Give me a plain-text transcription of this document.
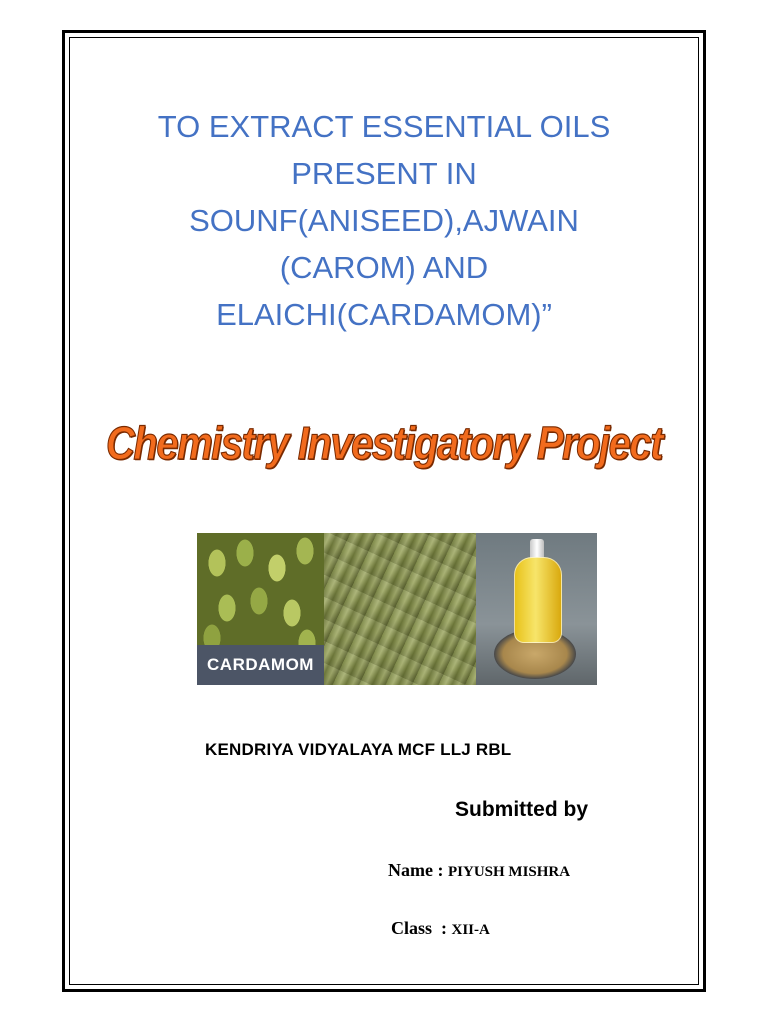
TO EXTRACT ESSENTIAL OILS
PRESENT IN
SOUNF(ANISEED),AJWAIN
(CAROM) AND
ELAICHI(CARDAMOM)”
Chemistry Investigatory Project
CARDAMOM
KENDRIYA VIDYALAYA MCF LLJ RBL
Submitted by
Name : PIYUSH MISHRA
Class  : XII-A
